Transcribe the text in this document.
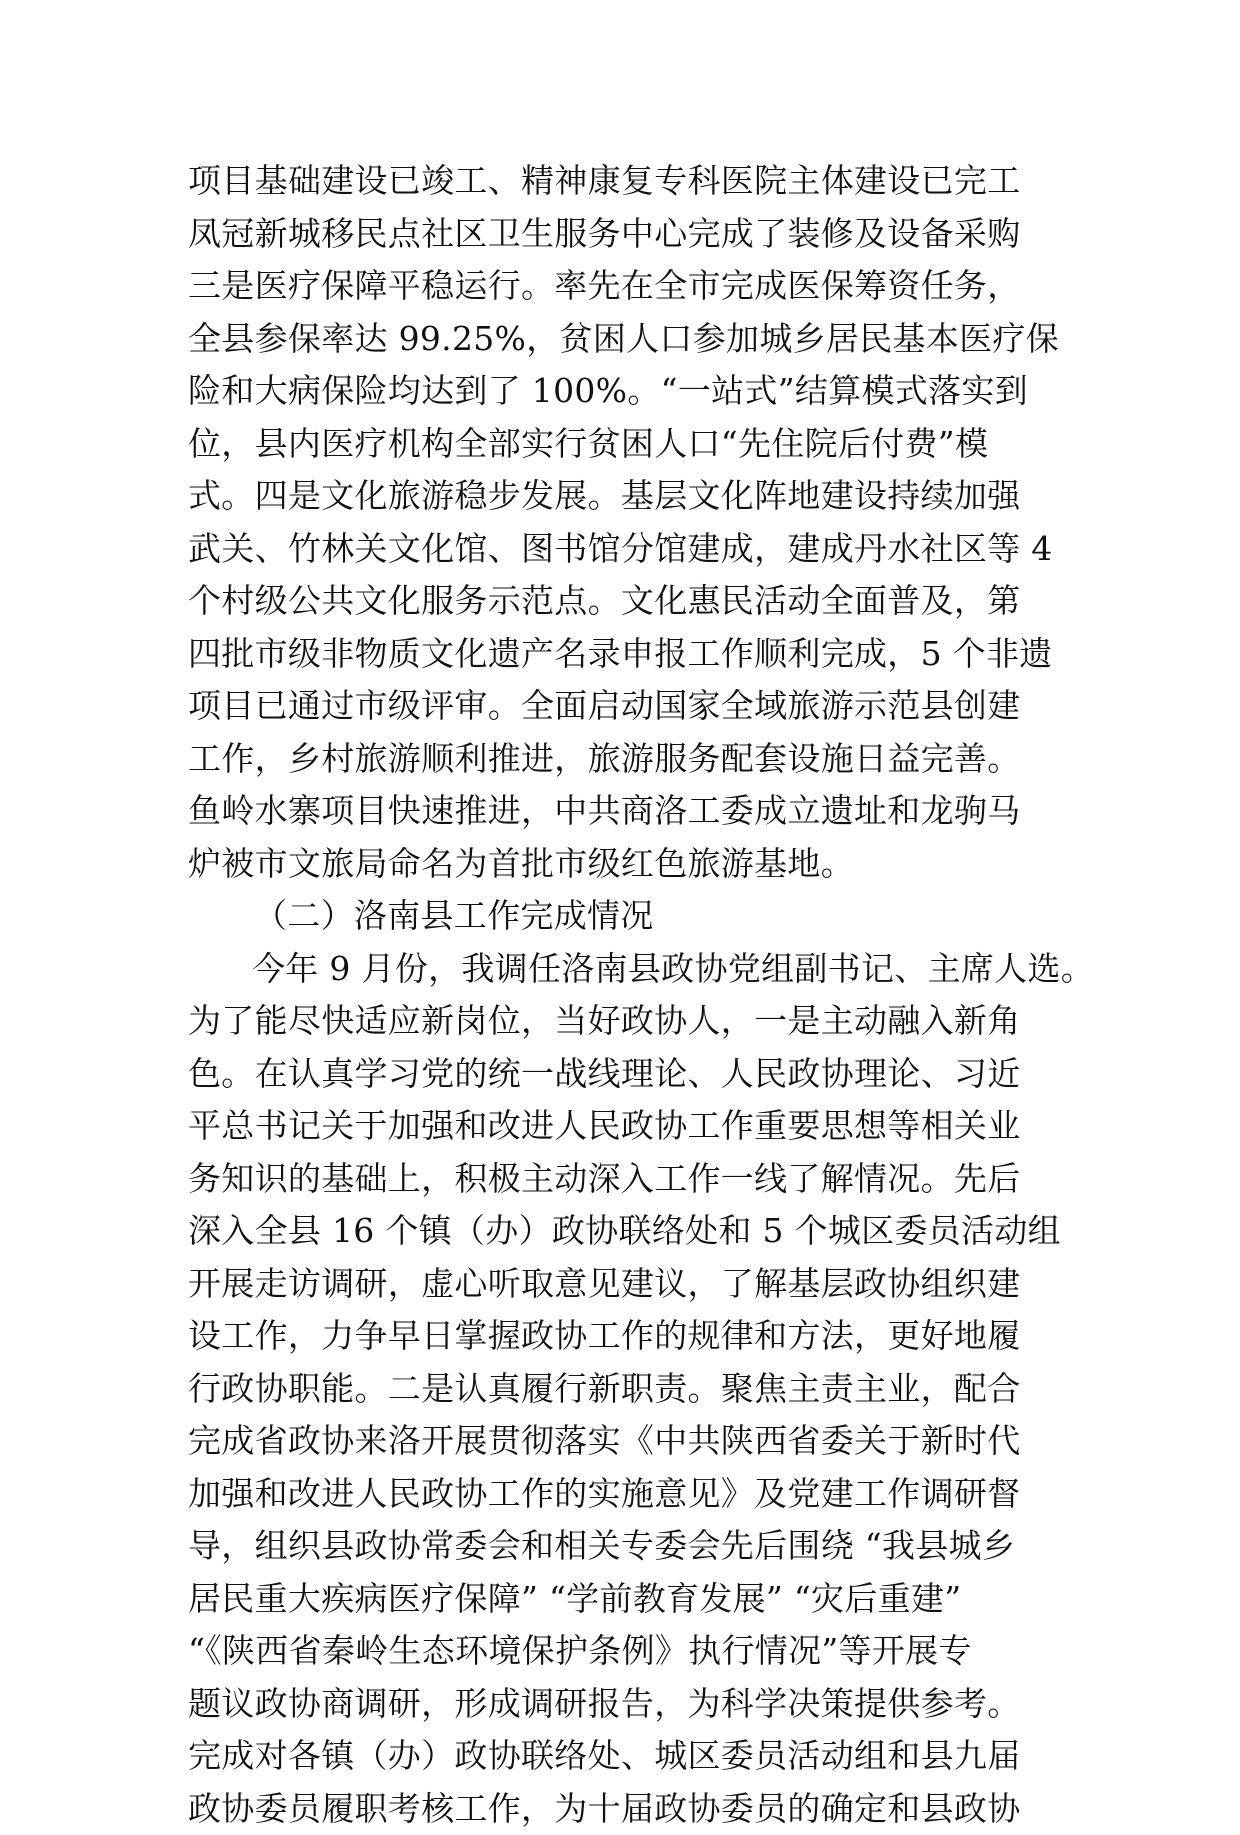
项目基础建设已竣工、精神康复专科医院主体建设已完工
凤冠新城移民点社区卫生服务中心完成了装修及设备采购
三是医疗保障平稳运行。率先在全市完成医保筹资任务，
全县参保率达 99.25%，贫困人口参加城乡居民基本医疗保
险和大病保险均达到了 100%。“一站式”结算模式落实到
位，县内医疗机构全部实行贫困人口“先住院后付费”模
式。四是文化旅游稳步发展。基层文化阵地建设持续加强
武关、竹林关文化馆、图书馆分馆建成，建成丹水社区等 4
个村级公共文化服务示范点。文化惠民活动全面普及，第
四批市级非物质文化遗产名录申报工作顺利完成，5 个非遗
项目已通过市级评审。全面启动国家全域旅游示范县创建
工作，乡村旅游顺利推进，旅游服务配套设施日益完善。
鱼岭水寨项目快速推进，中共商洛工委成立遗址和龙驹马
炉被市文旅局命名为首批市级红色旅游基地。
（二）洛南县工作完成情况
今年 9 月份，我调任洛南县政协党组副书记、主席人选。
为了能尽快适应新岗位，当好政协人，一是主动融入新角
色。在认真学习党的统一战线理论、人民政协理论、习近
平总书记关于加强和改进人民政协工作重要思想等相关业
务知识的基础上，积极主动深入工作一线了解情况。先后
深入全县 16 个镇（办）政协联络处和 5 个城区委员活动组
开展走访调研，虚心听取意见建议，了解基层政协组织建
设工作，力争早日掌握政协工作的规律和方法，更好地履
行政协职能。二是认真履行新职责。聚焦主责主业，配合
完成省政协来洛开展贯彻落实《中共陕西省委关于新时代
加强和改进人民政协工作的实施意见》及党建工作调研督
导，组织县政协常委会和相关专委会先后围绕 “我县城乡
居民重大疾病医疗保障” “学前教育发展” “灾后重建”
“《陕西省秦岭生态环境保护条例》执行情况”等开展专
题议政协商调研，形成调研报告，为科学决策提供参考。
完成对各镇（办）政协联络处、城区委员活动组和县九届
政协委员履职考核工作，为十届政协委员的确定和县政协
